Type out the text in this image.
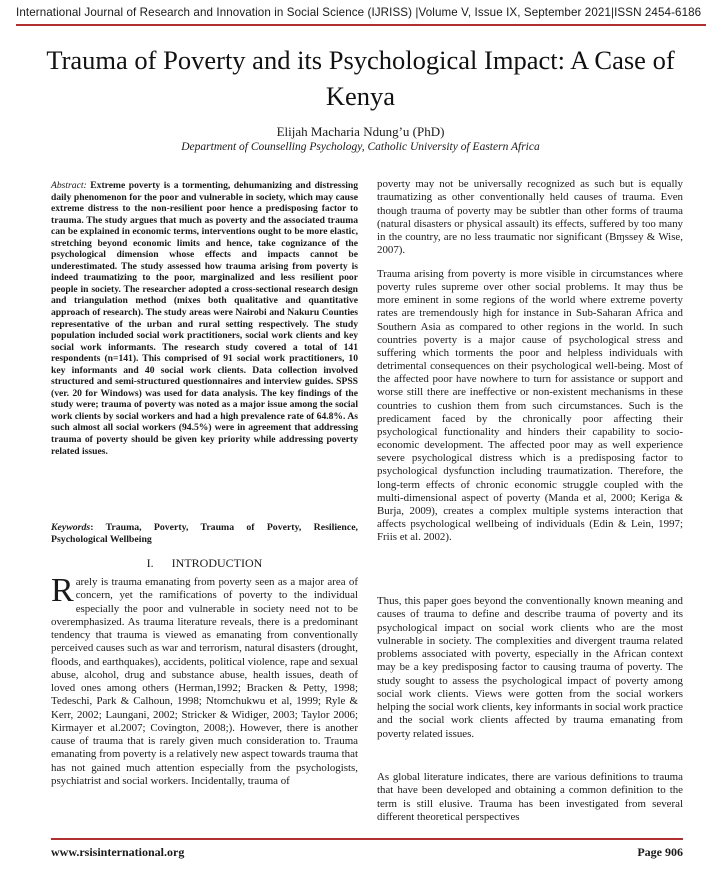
International Journal of Research and Innovation in Social Science (IJRISS) |Volume V, Issue IX, September 2021|ISSN 2454-6186
Trauma of Poverty and its Psychological Impact: A Case of Kenya
Elijah Macharia Ndung’u (PhD)
Department of Counselling Psychology, Catholic University of Eastern Africa
Abstract: Extreme poverty is a tormenting, dehumanizing and distressing daily phenomenon for the poor and vulnerable in society, which may cause extreme distress to the non-resilient poor hence a predisposing factor to trauma. The study argues that much as poverty and the associated trauma can be explained in economic terms, interventions ought to be more elastic, stretching beyond economic limits and hence, take cognizance of the psychological dimension whose effects and impacts cannot be underestimated. The study assessed how trauma arising from poverty is indeed traumatizing to the poor, marginalized and less resilient poor people in society. The researcher adopted a cross-sectional research design and triangulation method (mixes both qualitative and quantitative approach of research). The study areas were Nairobi and Nakuru Counties representative of the urban and rural setting respectively. The study population included social work practitioners, social work clients and key social work informants. The research study covered a total of 141 respondents (n=141). This comprised of 91 social work practitioners, 10 key informants and 40 social work clients. Data collection involved structured and semi-structured questionnaires and interview guides. SPSS (ver. 20 for Windows) was used for data analysis. The key findings of the study were; trauma of poverty was noted as a major issue among the social work clients by social workers and had a high prevalence rate of 64.8%. As such almost all social workers (94.5%) were in agreement that addressing trauma of poverty should be given key priority while addressing poverty related issues.
Keywords: Trauma, Poverty, Trauma of Poverty, Resilience, Psychological Wellbeing
I.      INTRODUCTION
Rarely is trauma emanating from poverty seen as a major area of concern, yet the ramifications of poverty to the individual especially the poor and vulnerable in society need not to be overemphasized. As trauma literature reveals, there is a predominant tendency that trauma is viewed as emanating from conventionally perceived causes such as war and terrorism, natural disasters (drought, floods, and earthquakes), accidents, political violence, rape and sexual abuse, alcohol, drug and substance abuse, health issues, death of loved ones among others (Herman,1992; Bracken & Petty, 1998; Tedeschi, Park & Calhoun, 1998; Ntomchukwu et al, 1999; Ryle & Kerr, 2002; Laungani, 2002; Stricker & Widiger, 2003; Taylor 2006; Kirmayer et al.2007; Covington, 2008;). However, there is another cause of trauma that is rarely given much consideration to. Trauma emanating from poverty is a relatively new aspect towards trauma that has not gained much attention especially from the psychologists, psychiatrist and social workers. Incidentally, trauma of
poverty may not be universally recognized as such but is equally traumatizing as other conventionally held causes of trauma. Even though trauma of poverty may be subtler than other forms of trauma (natural disasters or physical assault) its effects, suffered by too many in the country, are no less traumatic nor significant (Bɱssey & Wise, 2007).
Trauma arising from poverty is more visible in circumstances where poverty rules supreme over other social problems. It may thus be more eminent in some regions of the world where extreme poverty rates are tremendously high for instance in Sub-Saharan Africa and Southern Asia as compared to other regions in the world. In such countries poverty is a major cause of psychological stress and suffering which torments the poor and helpless individuals with detrimental consequences on their psychological well-being. Most of the affected poor have nowhere to turn for assistance or support and worse still there are ineffective or non-existent mechanisms in these countries to cushion them from such circumstances. Such is the predicament faced by the chronically poor affecting their psychological functionality and hinders their capability to socio-economic development. The affected poor may as well experience severe psychological distress which is a predisposing factor to psychological dysfunction including traumatization. Therefore, the long-term effects of chronic economic struggle coupled with the multi-dimensional aspect of poverty (Manda et al, 2000; Keriga & Burja, 2009), creates a complex multiple systems interaction that affects psychological wellbeing of individuals (Edin & Lein, 1997; Friis et al. 2002).
Thus, this paper goes beyond the conventionally known meaning and causes of trauma to define and describe trauma of poverty and its psychological impact on social work clients who are the most vulnerable in society. The complexities and divergent trauma related problems associated with poverty, especially in the African context may be a key predisposing factor to causing trauma of poverty. The study sought to assess the psychological impact of poverty among social work clients. Views were gotten from the social workers helping the social work clients, key informants in social work practice and the social work clients affected by trauma emanating from poverty related issues.
As global literature indicates, there are various definitions to trauma that have been developed and obtaining a common definition to the term is still elusive. Trauma has been investigated from several different theoretical perspectives
www.rsisinternational.org	Page 906
